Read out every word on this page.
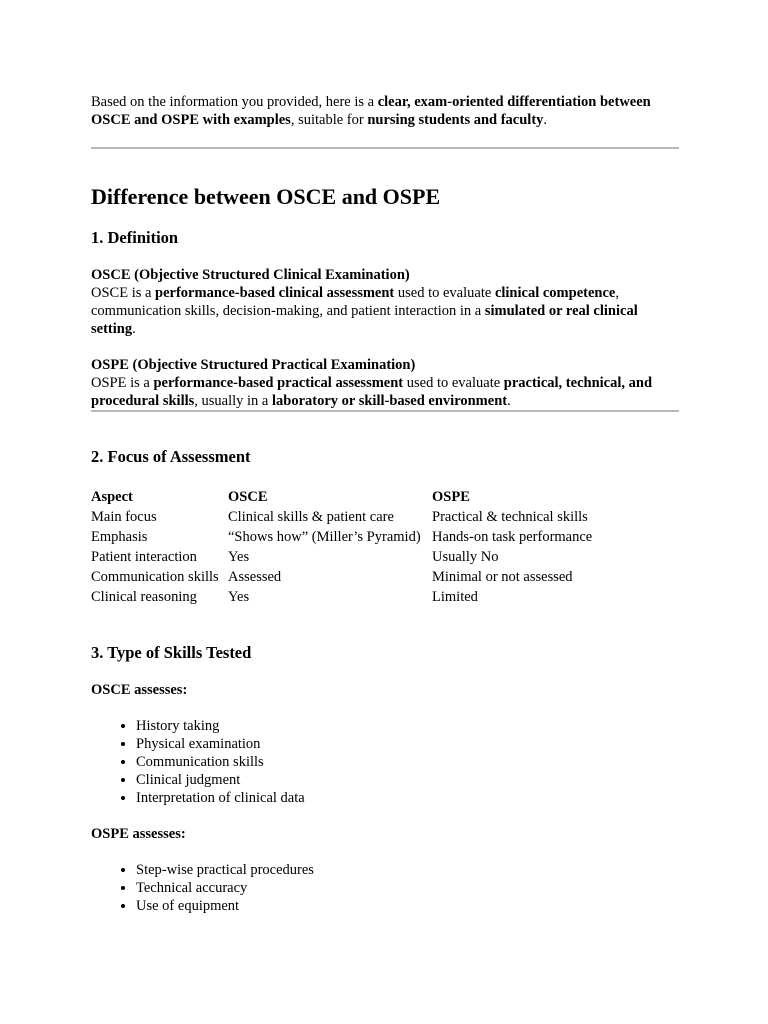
Based on the information you provided, here is a clear, exam-oriented differentiation between OSCE and OSPE with examples, suitable for nursing students and faculty.

Difference between OSCE and OSPE
1. Definition

OSCE (Objective Structured Clinical Examination)

OSCE is a performance-based clinical assessment used to evaluate clinical competence, communication skills, decision-making, and patient interaction in a simulated or real clinical setting.

OSPE (Objective Structured Practical Examination)

OSPE is a performance-based practical assessment used to evaluate practical, technical, and procedural skills, usually in a laboratory or skill-based environment.

2. Focus of Assessment
Aspect	OSCE	OSPE
Main focus	Clinical skills & patient care	Practical & technical skills
Emphasis	“Shows how” (Miller’s Pyramid)	Hands-on task performance
Patient interaction	Yes	Usually No
Communication skills	Assessed	Minimal or not assessed
Clinical reasoning	Yes	Limited
3. Type of Skills Tested

OSCE assesses:

• History taking
• Physical examination
• Communication skills
• Clinical judgment
• Interpretation of clinical data

OSPE assesses:

• Step-wise practical procedures
• Technical accuracy
• Use of equipment
